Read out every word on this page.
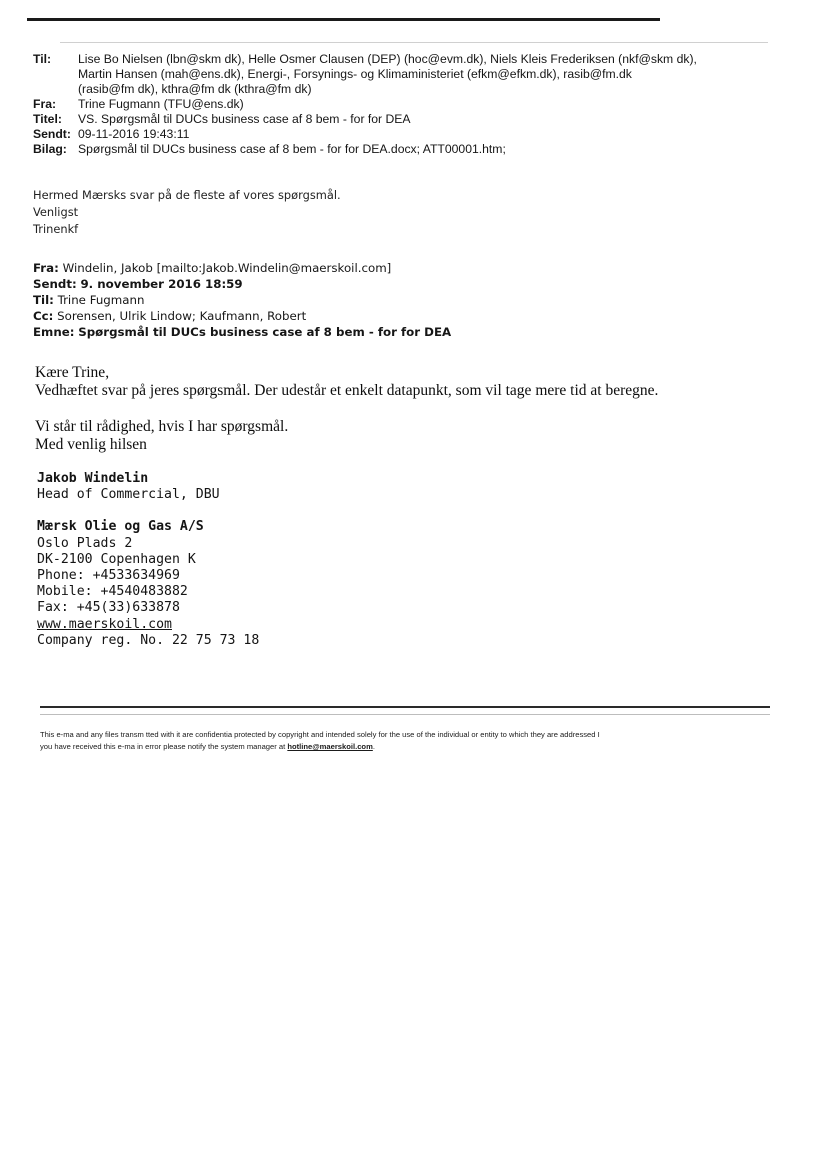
Til:	Lise Bo Nielsen (lbn@skm dk), Helle Osmer Clausen (DEP) (hoc@evm.dk), Niels Kleis Frederiksen (nkf@skm dk),
Martin Hansen (mah@ens.dk), Energi-, Forsynings- og Klimaministeriet (efkm@efkm.dk), rasib@fm.dk
(rasib@fm dk), kthra@fm dk (kthra@fm dk)
Fra:	Trine Fugmann (TFU@ens.dk)
Titel:	VS. Spørgsmål til DUCs business case af 8 bem - for for DEA
Sendt: 09-11-2016 19:43:11
Bilag: Spørgsmål til DUCs business case af 8 bem - for for DEA.docx; ATT00001.htm;
Hermed Mærsks svar på de fleste af vores spørgsmål.
Venligst
Trinenkf
Fra: Windelin, Jakob [mailto:Jakob.Windelin@maerskoil.com]
Sendt: 9. november 2016 18:59
Til: Trine Fugmann
Cc: Sorensen, Ulrik Lindow; Kaufmann, Robert
Emne: Spørgsmål til DUCs business case af 8 bem - for for DEA

Kære Trine,

Vedhæftet svar på jeres spørgsmål. Der udestår et enkelt datapunkt, som vil tage mere tid at beregne.

Vi står til rådighed, hvis I har spørgsmål.

Med venlig hilsen

Jakob Windelin
Head of Commercial, DBU
Mærsk Olie og Gas A/S
Oslo Plads 2
DK-2100 Copenhagen K
Phone: +4533634969
Mobile: +4540483882
Fax: +45(33)633878
www.maerskoil.com
Company reg. No. 22 75 73 18
This e-ma and any files transm tted with it are confidentia protected by copyright and intended solely for the use of the individual or entity to which they are addressed I
you have received this e-ma in error please notify the system manager at hotline@maerskoil.com.
